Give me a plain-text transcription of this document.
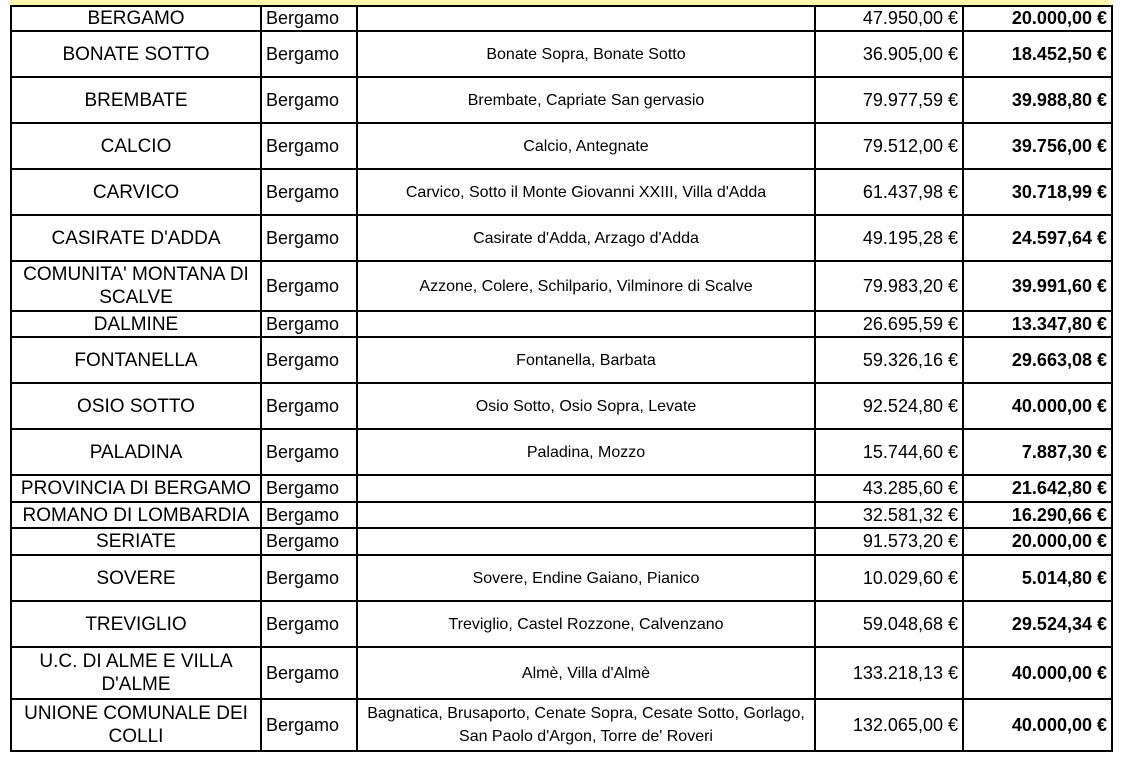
BERGAMO	Bergamo		47.950,00 €	20.000,00 €
BONATE SOTTO	Bergamo	Bonate Sopra, Bonate Sotto	36.905,00 €	18.452,50 €
BREMBATE	Bergamo	Brembate, Capriate San gervasio	79.977,59 €	39.988,80 €
CALCIO	Bergamo	Calcio, Antegnate	79.512,00 €	39.756,00 €
CARVICO	Bergamo	Carvico, Sotto il Monte Giovanni XXIII, Villa d'Adda	61.437,98 €	30.718,99 €
CASIRATE D'ADDA	Bergamo	Casirate d'Adda, Arzago d'Adda	49.195,28 €	24.597,64 €
COMUNITA' MONTANA DI SCALVE	Bergamo	Azzone, Colere, Schilpario, Vilminore di Scalve	79.983,20 €	39.991,60 €
DALMINE	Bergamo		26.695,59 €	13.347,80 €
FONTANELLA	Bergamo	Fontanella, Barbata	59.326,16 €	29.663,08 €
OSIO SOTTO	Bergamo	Osio Sotto, Osio Sopra, Levate	92.524,80 €	40.000,00 €
PALADINA	Bergamo	Paladina, Mozzo	15.744,60 €	7.887,30 €
PROVINCIA DI BERGAMO	Bergamo		43.285,60 €	21.642,80 €
ROMANO DI LOMBARDIA	Bergamo		32.581,32 €	16.290,66 €
SERIATE	Bergamo		91.573,20 €	20.000,00 €
SOVERE	Bergamo	Sovere, Endine Gaiano, Pianico	10.029,60 €	5.014,80 €
TREVIGLIO	Bergamo	Treviglio, Castel Rozzone, Calvenzano	59.048,68 €	29.524,34 €
U.C. DI ALME E VILLA D'ALME	Bergamo	Almè, Villa d'Almè	133.218,13 €	40.000,00 €
UNIONE COMUNALE DEI COLLI	Bergamo	Bagnatica, Brusaporto, Cenate Sopra, Cesate Sotto, Gorlago, San Paolo d'Argon, Torre de' Roveri	132.065,00 €	40.000,00 €
